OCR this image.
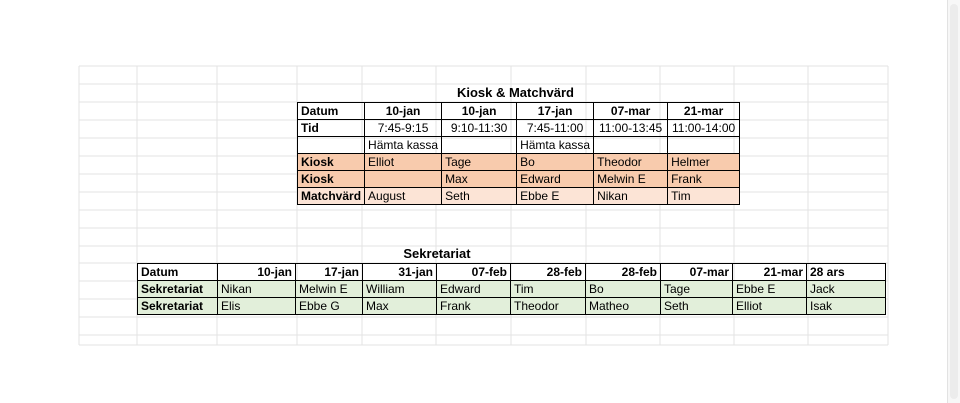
Kiosk & Matchvärd
Datum	10-jan	10-jan	17-jan	07-mar	21-mar
Tid	7:45-9:15	9:10-11:30	7:45-11:00	11:00-13:45	11:00-14:00
	Hämta kassa		Hämta kassa		
Kiosk	Elliot	Tage	Bo	Theodor	Helmer
Kiosk		Max	Edward	Melwin E	Frank
Matchvärd	August	Seth	Ebbe E	Nikan	Tim
Sekretariat
Datum	10-jan	17-jan	31-jan	07-feb	28-feb	28-feb	07-mar	21-mar	28 ars
Sekretariat	Nikan	Melwin E	William	Edward	Tim	Bo	Tage	Ebbe E	Jack
Sekretariat	Elis	Ebbe G	Max	Frank	Theodor	Matheo	Seth	Elliot	Isak
